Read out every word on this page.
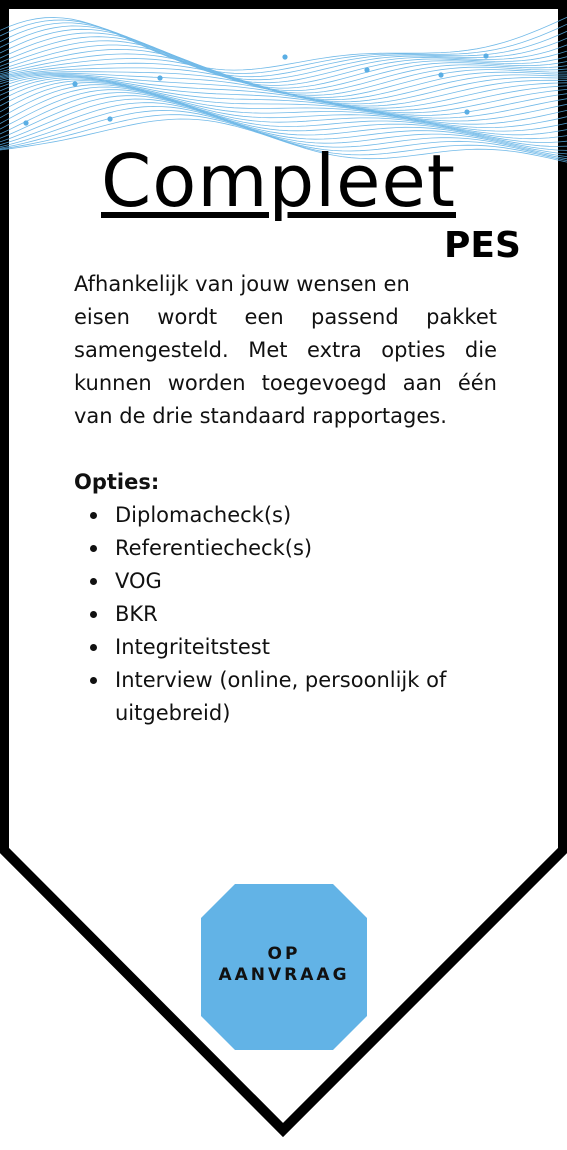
Compleet
PES

Afhankelijk van jouw wensen en
eisen wordt een passend pakket samengesteld. Met extra opties die kunnen worden toegevoegd aan één van de drie standaard rapportages.

Opties:
Diplomacheck(s)
Referentiecheck(s)
VOG
BKR
Integriteitstest
Interview (online, persoonlijk of uitgebreid)
OP
AANVRAAG
